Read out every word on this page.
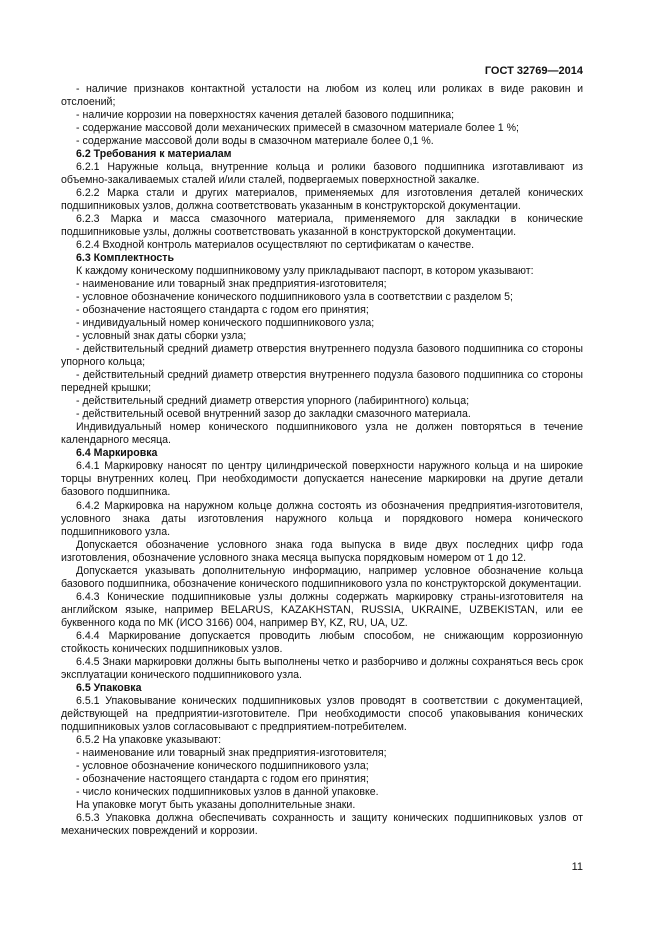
ГОСТ 32769—2014

- наличие признаков контактной усталости на любом из колец или роликах в виде раковин и отслоений;

- наличие коррозии на поверхностях качения деталей базового подшипника;

- содержание массовой доли механических примесей в смазочном материале более 1 %;

- содержание массовой доли воды в смазочном материале более 0,1 %.

6.2 Требования к материалам

6.2.1 Наружные кольца, внутренние кольца и ролики базового подшипника изготавливают из объемно-закаливаемых сталей и/или сталей, подвергаемых поверхностной закалке.

6.2.2 Марка стали и других материалов, применяемых для изготовления деталей конических подшипниковых узлов, должна соответствовать указанным в конструкторской документации.

6.2.3 Марка и масса смазочного материала, применяемого для закладки в конические подшипниковые узлы, должны соответствовать указанной в конструкторской документации.

6.2.4 Входной контроль материалов осуществляют по сертификатам о качестве.

6.3 Комплектность

К каждому коническому подшипниковому узлу прикладывают паспорт, в котором указывают:

- наименование или товарный знак предприятия-изготовителя;

- условное обозначение конического подшипникового узла в соответствии с разделом 5;

- обозначение настоящего стандарта с годом его принятия;

- индивидуальный номер конического подшипникового узла;

- условный знак даты сборки узла;

- действительный средний диаметр отверстия внутреннего подузла базового подшипника со стороны упорного кольца;

- действительный средний диаметр отверстия внутреннего подузла базового подшипника со стороны передней крышки;

- действительный средний диаметр отверстия упорного (лабиринтного) кольца;

- действительный осевой внутренний зазор до закладки смазочного материала.

Индивидуальный номер конического подшипникового узла не должен повторяться в течение календарного месяца.

6.4 Маркировка

6.4.1 Маркировку наносят по центру цилиндрической поверхности наружного кольца и на широкие торцы внутренних колец. При необходимости допускается нанесение маркировки на другие детали базового подшипника.

6.4.2 Маркировка на наружном кольце должна состоять из обозначения предприятия-изготовителя, условного знака даты изготовления наружного кольца и порядкового номера конического подшипникового узла.

Допускается обозначение условного знака года выпуска в виде двух последних цифр года изготовления, обозначение условного знака месяца выпуска порядковым номером от 1 до 12.

Допускается указывать дополнительную информацию, например условное обозначение кольца базового подшипника, обозначение конического подшипникового узла по конструкторской документации.

6.4.3 Конические подшипниковые узлы должны содержать маркировку страны-изготовителя на английском языке, например BELARUS, KAZAKHSTAN, RUSSIA, UKRAINE, UZBEKISTAN, или ее буквенного кода по МК (ИСО 3166) 004, например BY, KZ, RU, UA, UZ.

6.4.4 Маркирование допускается проводить любым способом, не снижающим коррозионную стойкость конических подшипниковых узлов.

6.4.5 Знаки маркировки должны быть выполнены четко и разборчиво и должны сохраняться весь срок эксплуатации конического подшипникового узла.

6.5 Упаковка

6.5.1 Упаковывание конических подшипниковых узлов проводят в соответствии с документацией, действующей на предприятии-изготовителе. При необходимости способ упаковывания конических подшипниковых узлов согласовывают с предприятием-потребителем.

6.5.2 На упаковке указывают:

- наименование или товарный знак предприятия-изготовителя;

- условное обозначение конического подшипникового узла;

- обозначение настоящего стандарта с годом его принятия;

- число конических подшипниковых узлов в данной упаковке.

На упаковке могут быть указаны дополнительные знаки.

6.5.3 Упаковка должна обеспечивать сохранность и защиту конических подшипниковых узлов от механических повреждений и коррозии.

11
